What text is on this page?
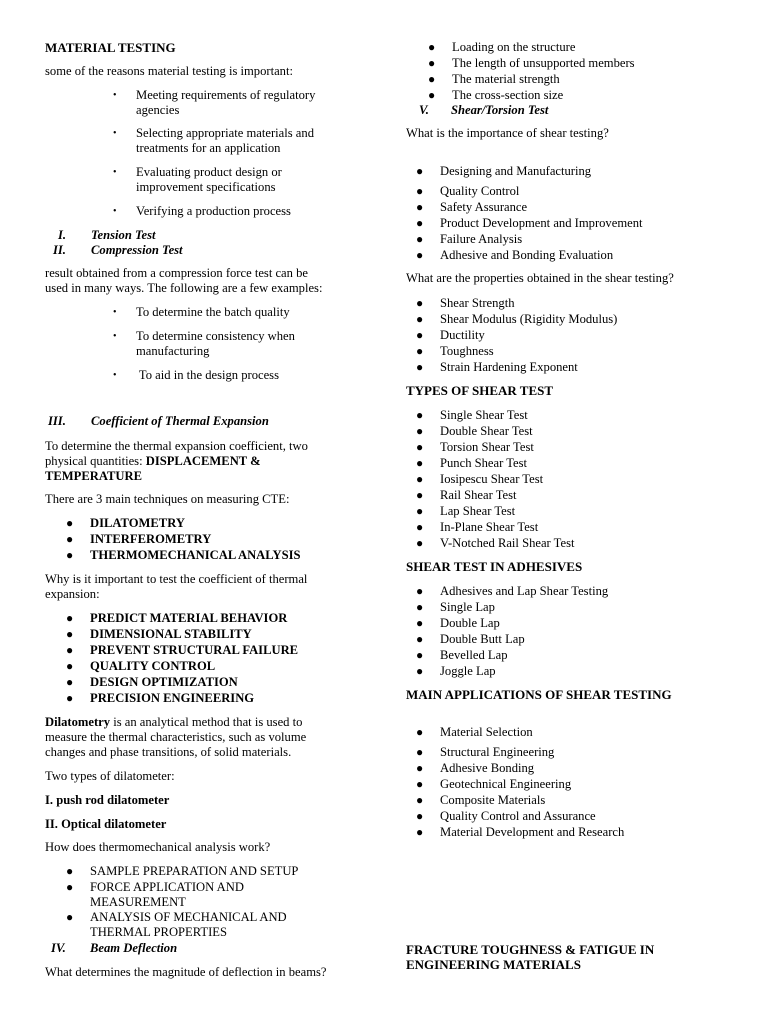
MATERIAL TESTING
some of the reasons material testing is important:
• Meeting requirements of regulatory
agencies
• Selecting appropriate materials and
treatments for an application
• Evaluating product design or
improvement specifications
• Verifying a production process
I. Tension Test
II. Compression Test
result obtained from a compression force test can be
used in many ways. The following are a few examples:
• To determine the batch quality
• To determine consistency when
manufacturing
• To aid in the design process
III. Coefficient of Thermal Expansion
To determine the thermal expansion coefficient, two
physical quantities: DISPLACEMENT &
TEMPERATURE
There are 3 main techniques on measuring CTE:
● DILATOMETRY
● INTERFEROMETRY
● THERMOMECHANICAL ANALYSIS
Why is it important to test the coefficient of thermal
expansion:
● PREDICT MATERIAL BEHAVIOR
● DIMENSIONAL STABILITY
● PREVENT STRUCTURAL FAILURE
● QUALITY CONTROL
● DESIGN OPTIMIZATION
● PRECISION ENGINEERING
Dilatometry is an analytical method that is used to
measure the thermal characteristics, such as volume
changes and phase transitions, of solid materials.
Two types of dilatometer:
I. push rod dilatometer
II. Optical dilatometer
How does thermomechanical analysis work?
● SAMPLE PREPARATION AND SETUP
● FORCE APPLICATION AND
MEASUREMENT
● ANALYSIS OF MECHANICAL AND
THERMAL PROPERTIES
IV. Beam Deflection
What determines the magnitude of deflection in beams?
● Loading on the structure
● The length of unsupported members
● The material strength
● The cross-section size
V. Shear/Torsion Test
What is the importance of shear testing?
● Designing and Manufacturing
● Quality Control
● Safety Assurance
● Product Development and Improvement
● Failure Analysis
● Adhesive and Bonding Evaluation
What are the properties obtained in the shear testing?
● Shear Strength
● Shear Modulus (Rigidity Modulus)
● Ductility
● Toughness
● Strain Hardening Exponent
TYPES OF SHEAR TEST
● Single Shear Test
● Double Shear Test
● Torsion Shear Test
● Punch Shear Test
● Iosipescu Shear Test
● Rail Shear Test
● Lap Shear Test
● In-Plane Shear Test
● V-Notched Rail Shear Test
SHEAR TEST IN ADHESIVES
● Adhesives and Lap Shear Testing
● Single Lap
● Double Lap
● Double Butt Lap
● Bevelled Lap
● Joggle Lap
MAIN APPLICATIONS OF SHEAR TESTING
● Material Selection
● Structural Engineering
● Adhesive Bonding
● Geotechnical Engineering
● Composite Materials
● Quality Control and Assurance
● Material Development and Research
FRACTURE TOUGHNESS & FATIGUE IN
ENGINEERING MATERIALS
